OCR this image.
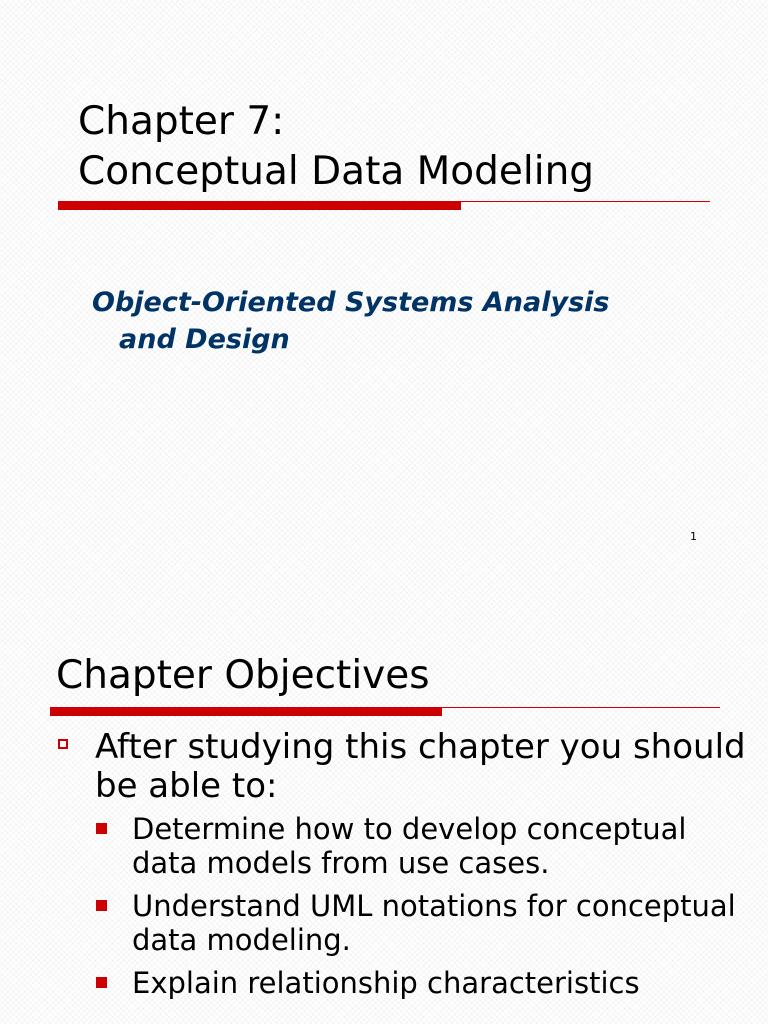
Chapter 7:
Conceptual Data Modeling
Object-Oriented Systems Analysis
and Design
1
Chapter Objectives
After studying this chapter you should be able to:
Determine how to develop conceptual data models from use cases.
Understand UML notations for conceptual data modeling.
Explain relationship characteristics
